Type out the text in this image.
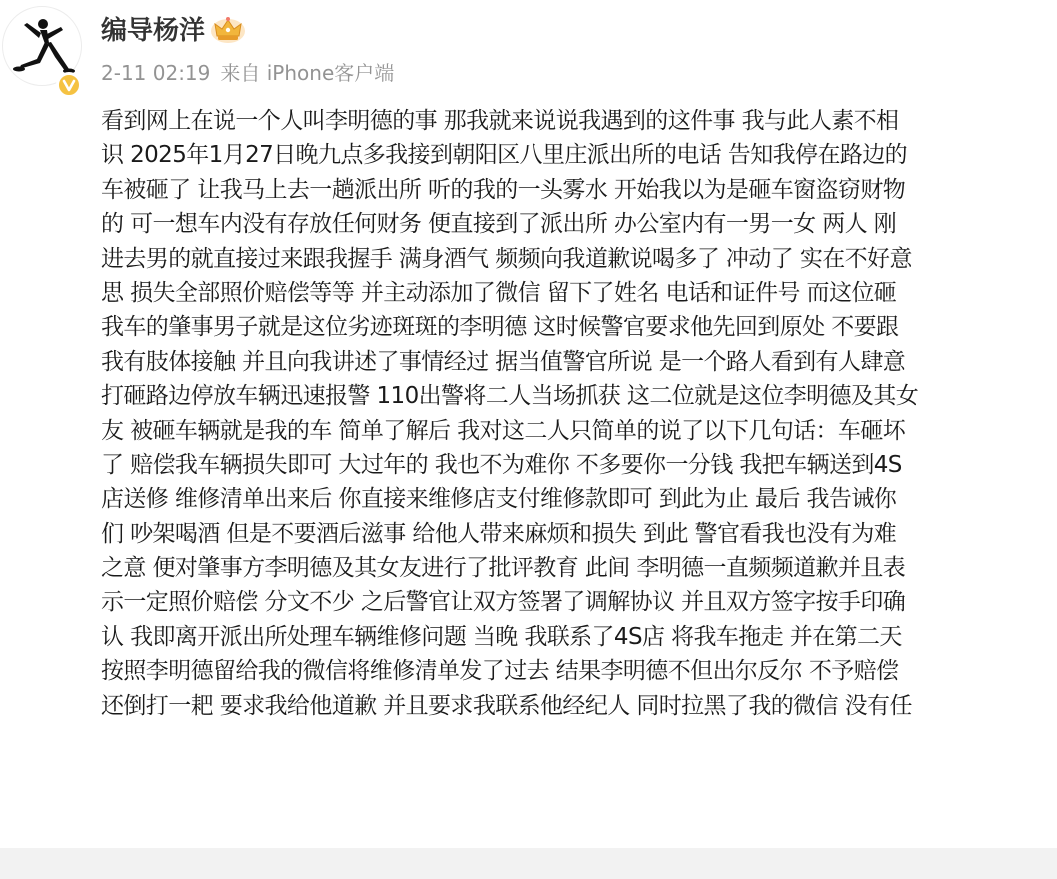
编导杨洋
2-11 02:19 来自 iPhone客户端
看到网上在说一个人叫李明德的事 那我就来说说我遇到的这件事 我与此人素不相
识 2025年1月27日晚九点多我接到朝阳区八里庄派出所的电话 告知我停在路边的
车被砸了 让我马上去一趟派出所 听的我的一头雾水 开始我以为是砸车窗盗窃财物
的 可一想车内没有存放任何财务 便直接到了派出所 办公室内有一男一女 两人 刚
进去男的就直接过来跟我握手 满身酒气 频频向我道歉说喝多了 冲动了 实在不好意
思 损失全部照价赔偿等等 并主动添加了微信 留下了姓名 电话和证件号 而这位砸
我车的肇事男子就是这位劣迹斑斑的李明德 这时候警官要求他先回到原处 不要跟
我有肢体接触 并且向我讲述了事情经过 据当值警官所说 是一个路人看到有人肆意
打砸路边停放车辆迅速报警 110出警将二人当场抓获 这二位就是这位李明德及其女
友 被砸车辆就是我的车 简单了解后 我对这二人只简单的说了以下几句话：车砸坏
了 赔偿我车辆损失即可 大过年的 我也不为难你 不多要你一分钱 我把车辆送到4S
店送修 维修清单出来后 你直接来维修店支付维修款即可 到此为止 最后 我告诫你
们 吵架喝酒 但是不要酒后滋事 给他人带来麻烦和损失 到此 警官看我也没有为难
之意 便对肇事方李明德及其女友进行了批评教育 此间 李明德一直频频道歉并且表
示一定照价赔偿 分文不少 之后警官让双方签署了调解协议 并且双方签字按手印确
认 我即离开派出所处理车辆维修问题 当晚 我联系了4S店 将我车拖走 并在第二天
按照李明德留给我的微信将维修清单发了过去 结果李明德不但出尔反尔 不予赔偿
还倒打一耙 要求我给他道歉 并且要求我联系他经纪人 同时拉黑了我的微信 没有任
